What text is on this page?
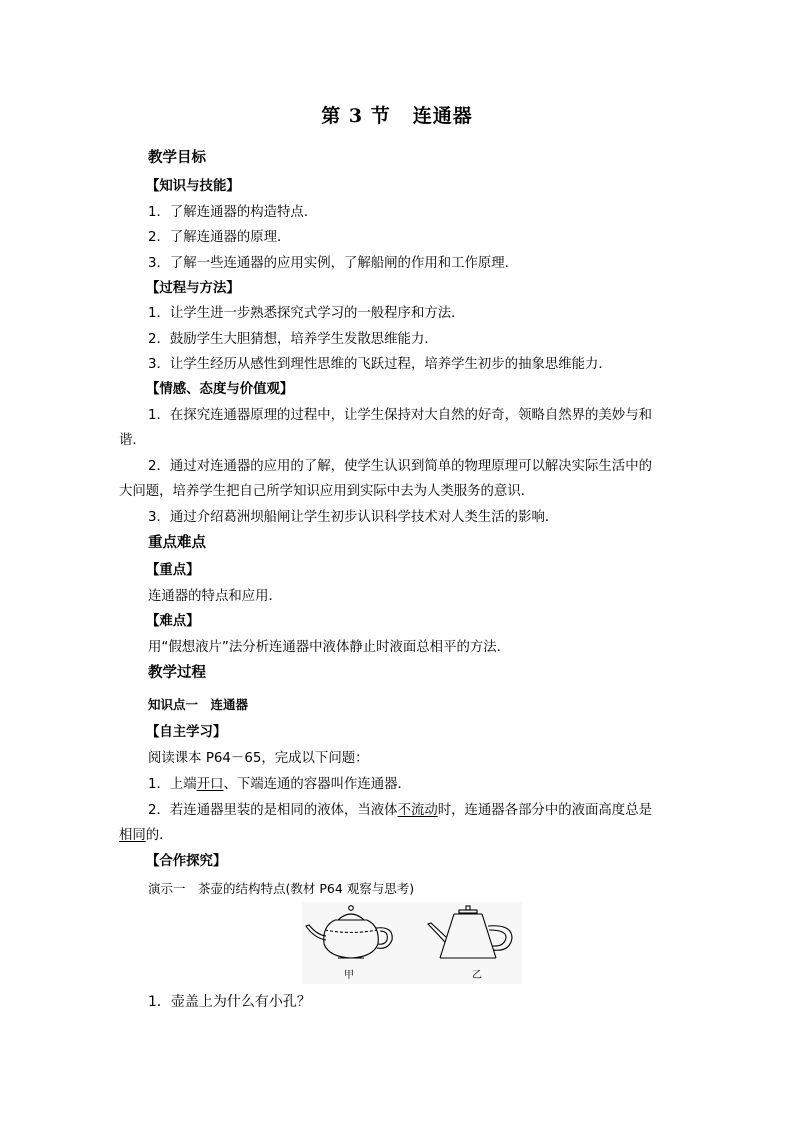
第 3 节 连通器
教学目标
【知识与技能】
1．了解连通器的构造特点．
2．了解连通器的原理．
3．了解一些连通器的应用实例，了解船闸的作用和工作原理．
【过程与方法】
1．让学生进一步熟悉探究式学习的一般程序和方法．
2．鼓励学生大胆猜想，培养学生发散思维能力．
3．让学生经历从感性到理性思维的飞跃过程，培养学生初步的抽象思维能力．
【情感、态度与价值观】
1．在探究连通器原理的过程中，让学生保持对大自然的好奇，领略自然界的美妙与和
谐．
2．通过对连通器的应用的了解，使学生认识到简单的物理原理可以解决实际生活中的
大问题，培养学生把自己所学知识应用到实际中去为人类服务的意识．
3．通过介绍葛洲坝船闸让学生初步认识科学技术对人类生活的影响．
重点难点
【重点】
连通器的特点和应用．
【难点】
用“假想液片”法分析连通器中液体静止时液面总相平的方法．
教学过程
知识点一　连通器
【自主学习】
阅读课本 P64－65，完成以下问题：
1．上端开口、下端连通的容器叫作连通器．
2．若连通器里装的是相同的液体，当液体不流动时，连通器各部分中的液面高度总是
相同的．
【合作探究】
演示一　茶壶的结构特点(教材 P64 观察与思考)
甲	乙
1．壶盖上为什么有小孔？
